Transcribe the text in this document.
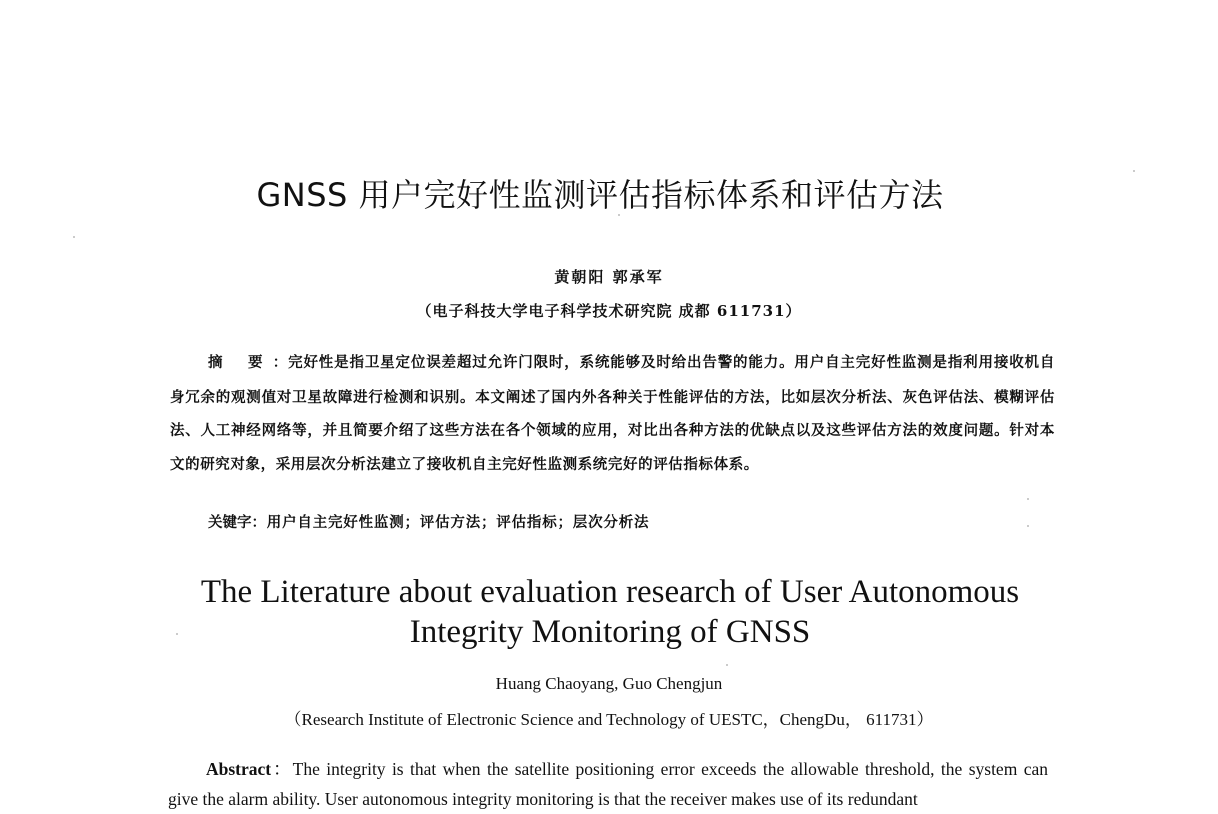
GNSS 用户完好性监测评估指标体系和评估方法
黄朝阳 郭承军
（电子科技大学电子科学技术研究院 成都 611731）

摘 要：完好性是指卫星定位误差超过允许门限时，系统能够及时给出告警的能力。用户自主完好性监测是指利用接收机自身冗余的观测值对卫星故障进行检测和识别。本文阐述了国内外各种关于性能评估的方法，比如层次分析法、灰色评估法、模糊评估法、人工神经网络等，并且简要介绍了这些方法在各个领域的应用，对比出各种方法的优缺点以及这些评估方法的效度问题。针对本文的研究对象，采用层次分析法建立了接收机自主完好性监测系统完好的评估指标体系。

关键字：用户自主完好性监测；评估方法；评估指标；层次分析法

The Literature about evaluation research of User Autonomous Integrity Monitoring of GNSS
Huang Chaoyang, Guo Chengjun
（Research Institute of Electronic Science and Technology of UESTC，ChengDu， 611731）

Abstract：The integrity is that when the satellite positioning error exceeds the allowable threshold, the system can give the alarm ability. User autonomous integrity monitoring is that the receiver makes use of its redundant
